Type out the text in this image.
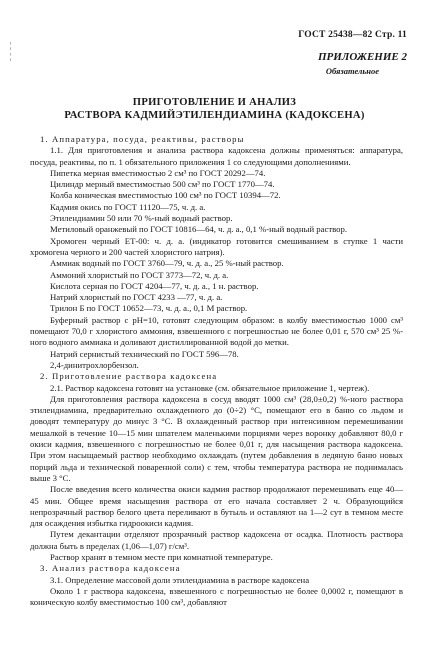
¦
¦
ГОСТ 25438—82 Стр. 11
ПРИЛОЖЕНИЕ 2
Обязательное
ПРИГОТОВЛЕНИЕ И АНАЛИЗ
РАСТВОРА КАДМИЙЭТИЛЕНДИАМИНА (КАДОКСЕНА)

1. Аппаратура, посуда, реактивы, растворы

1.1. Для приготовления и анализа раствора кадоксена должны применяться: аппаратура, посуда, реактивы, по п. 1 обязательного приложения 1 со следующими дополнениями.

Пипетка мерная вместимостью 2 см³ по ГОСТ 20292—74.

Цилиндр мерный вместимостью 500 см³ по ГОСТ 1770—74.

Колба коническая вместимостью 100 см³ по ГОСТ 10394—72.

Кадмия окись по ГОСТ 11120—75, ч. д. а.

Этилендиамин 50 или 70 %-ный водный раствор.

Метиловый оранжевый по ГОСТ 10816—64, ч. д. а., 0,1 %-ный водный раствор.

Хромоген черный ЕТ-00: ч. д. а. (индикатор готовится смешиванием в ступке 1 части хромогена черного и 200 частей хлористого натрия).

Аммиак водный по ГОСТ 3760—79, ч. д. а., 25 %-ный раствор.

Аммоний хлористый по ГОСТ 3773—72, ч. д. а.

Кислота серная по ГОСТ 4204—77, ч. д. а., 1 н. раствор.

Натрий хлористый по ГОСТ 4233 —77, ч. д. а.

Трилон Б по ГОСТ 10652—73, ч. д. а., 0,1 М раствор.

Буферный раствор с рН=10, готовят следующим образом: в колбу вместимостью 1000 см³ помещают 70,0 г хлористого аммония, взвешенного с погрешностью не более 0,01 г, 570 см³ 25 %-ного водного аммиака и доливают дистиллированной водой до метки.

Натрий сернистый технический по ГОСТ 596—78.

2,4-динитрохлорбензол.

2. Приготовление раствора кадоксена

2.1. Раствор кадоксена готовят на установке (см. обязательное приложение 1, чертеж).

Для приготовления раствора кадоксена в сосуд вводят 1000 см³ (28,0±0,2) %-ного раствора этилендиамина, предварительно охлажденного до (0÷2) °С, помещают его в баню со льдом и доводят температуру до минус 3 °С. В охлажденный раствор при интенсивном перемешивании мешалкой в течение 10—15 мин шпателем маленькими порциями через воронку добавляют 80,0 г окиси кадмия, взвешенного с погрешностью не более 0,01 г, для насыщения раствора кадоксена. При этом насыщаемый раствор необходимо охлаждать (путем добавления в ледяную баню новых порций льда и технической поваренной соли) с тем, чтобы температура раствора не поднималась выше 3 °С.

После введения всего количества окиси кадмия раствор продолжают перемешивать еще 40—45 мин. Общее время насыщения раствора от его начала составляет 2 ч. Образующийся непрозрачный раствор белого цвета переливают в бутыль и оставляют на 1—2 сут в темном месте для осаждения избытка гидроокиси кадмия.

Путем декантации отделяют прозрачный раствор кадоксена от осадка. Плотность раствора должна быть в пределах (1,06—1,07) г/см³.

Раствор хранят в темном месте при комнатной температуре.

3. Анализ раствора кадоксена

3.1. Определение массовой доли этилендиамина в растворе кадоксена

Около 1 г раствора кадоксена, взвешенного с погрешностью не более 0,0002 г, помещают в коническую колбу вместимостью 100 см³, добавляют
